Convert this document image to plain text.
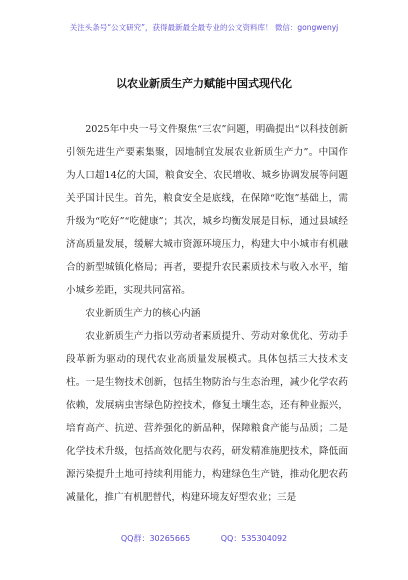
关注头条号“公文研究”，获得最新最全最专业的公文资料库！ 微信：gongwenyj
以农业新质生产力赋能中国式现代化

2025年中央一号文件聚焦“三农”问题，明确提出“以科技创新引领先进生产要素集聚，因地制宜发展农业新质生产力”。中国作为人口超14亿的大国，粮食安全、农民增收、城乡协调发展等问题关乎国计民生。首先，粮食安全是底线，在保障“吃饱”基础上，需升级为“吃好”“吃健康”；其次，城乡均衡发展是目标，通过县域经济高质量发展，缓解大城市资源环境压力，构建大中小城市有机融合的新型城镇化格局；再者，要提升农民素质技术与收入水平，缩小城乡差距，实现共同富裕。

农业新质生产力的核心内涵

农业新质生产力指以劳动者素质提升、劳动对象优化、劳动手段革新为驱动的现代农业高质量发展模式。具体包括三大技术支柱。一是生物技术创新，包括生物防治与生态治理，减少化学农药依赖，发展病虫害绿色防控技术，修复土壤生态，还有种业振兴，培育高产、抗逆、营养强化的新品种，保障粮食产能与品质；二是化学技术升级，包括高效化肥与农药，研发精准施肥技术，降低面源污染提升土地可持续利用能力，构建绿色生产链，推动化肥农药减量化，推广有机肥替代，构建环境友好型农业；三是

QQ群：30265665	QQ：535304092
